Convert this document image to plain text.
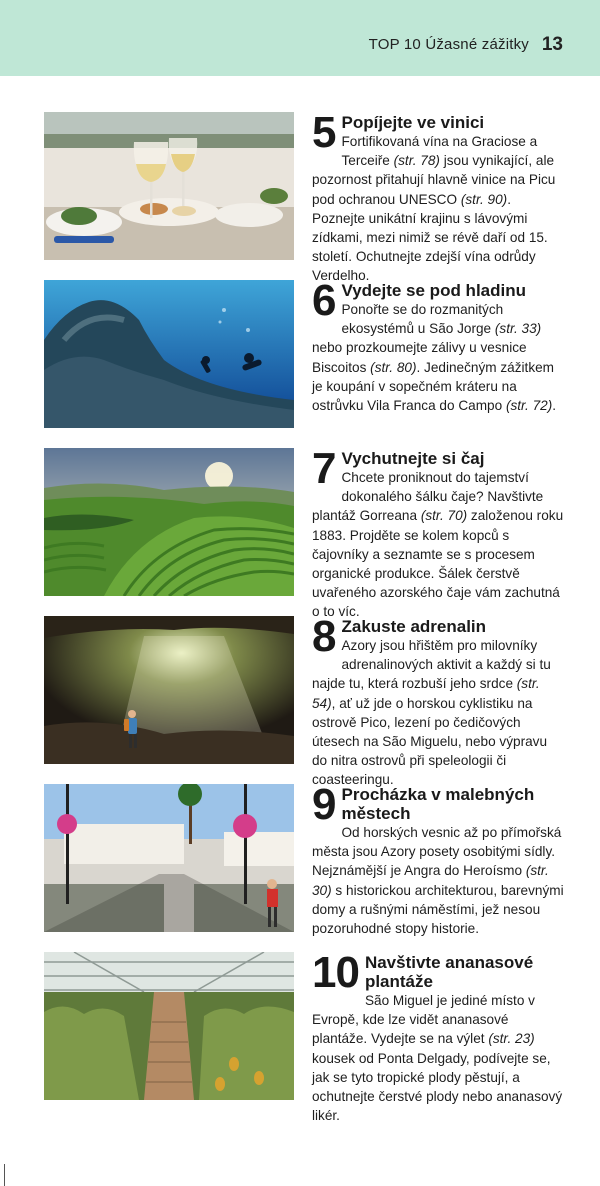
TOP 10 Úžasné zážitky 13
5 Popíjejte ve vinici
Fortifikovaná vína na Graciose a Terceiře (str. 78) jsou vynikající, ale pozornost přitahují hlavně vinice na Picu pod ochranou UNESCO (str. 90). Poznejte unikátní krajinu s lávovými zídkami, mezi nimiž se révě daří od 15. století. Ochutnejte zdejší vína odrůdy Verdelho.
6 Vydejte se pod hladinu
Ponořte se do rozmanitých ekosystémů u São Jorge (str. 33) nebo prozkoumejte zálivy u vesnice Biscoitos (str. 80). Jedinečným zážitkem je koupání v sopečném kráteru na ostrůvku Vila Franca do Campo (str. 72).
7 Vychutnejte si čaj
Chcete proniknout do tajemství dokonalého šálku čaje? Navštivte plantáž Gorreana (str. 70) založenou roku 1883. Projděte se kolem kopců s čajovníky a seznamte se s procesem organické produkce. Šálek čerstvě uvařeného azorského čaje vám zachutná o to víc.
8 Zakuste adrenalin
Azory jsou hřištěm pro milovníky adrenalinových aktivit a každý si tu najde tu, která rozbuší jeho srdce (str. 54), ať už jde o horskou cyklistiku na ostrově Pico, lezení po čedičových útesech na São Miguelu, nebo výpravu do nitra ostrovů při speleologii či coasteeringu.
9 Procházka v malebných městech
Od horských vesnic až po přímořská města jsou Azory posety osobitými sídly. Nejznámější je Angra do Heroísmo (str. 30) s historickou architekturou, barevnými domy a rušnými náměstími, jež nesou pozoruhodné stopy historie.
10 Navštivte ananasové plantáže
São Miguel je jediné místo v Evropě, kde lze vidět ananasové plantáže. Vydejte se na výlet (str. 23) kousek od Ponta Delgady, podívejte se, jak se tyto tropické plody pěstují, a ochutnejte čerstvé plody nebo ananasový likér.
